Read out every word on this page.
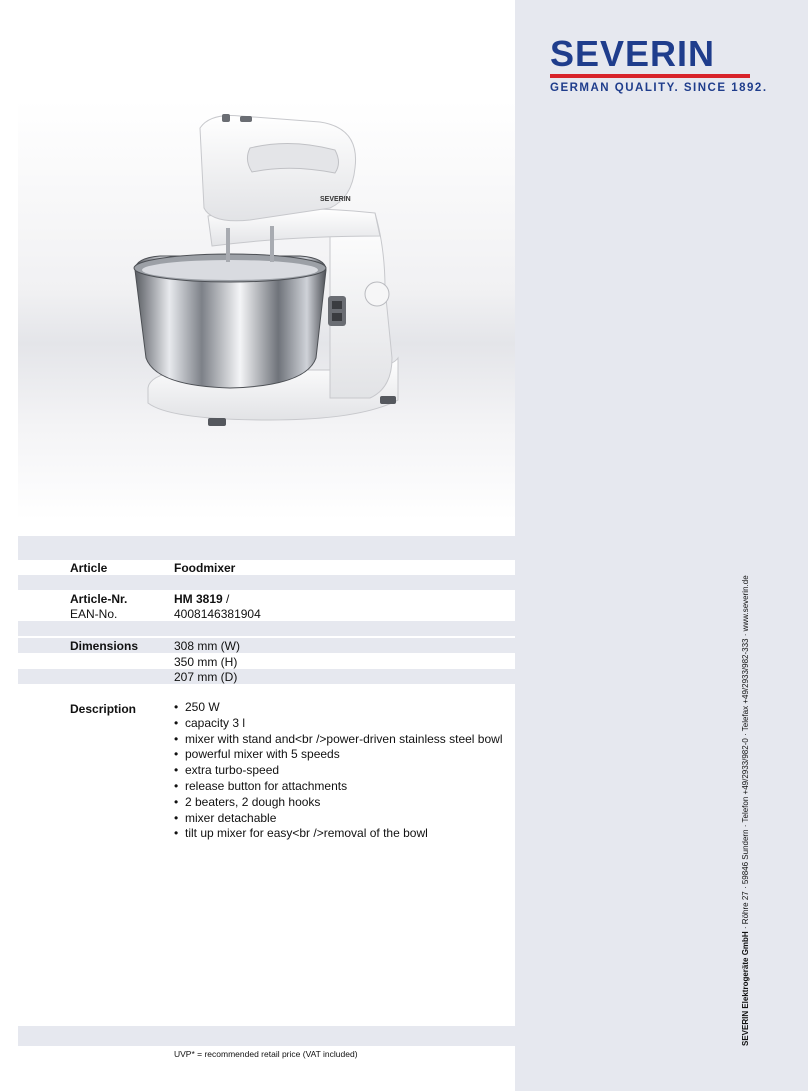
SEVERIN
GERMAN QUALITY. SINCE 1892.
SEVERIN
Article	Foodmixer
Article-Nr.	HM 3819 /
EAN-No.	4008146381904
Dimensions	308 mm (W)
350 mm (H)
207 mm (D)
Description
•	250 W
• capacity 3 l
• mixer with stand and<br />power-driven stainless steel bowl
• powerful mixer with 5 speeds
• extra turbo-speed
• release button for attachments
• 2 beaters, 2 dough hooks
• mixer detachable
• tilt up mixer for easy<br />removal of the bowl
UVP* = recommended retail price (VAT included)
SEVERIN Elektrogeräte GmbH · Röhre 27 · 59846 Sundern · Telefon +49/2933/982-0 · Telefax +49/2933/982-333 · www.severin.de
